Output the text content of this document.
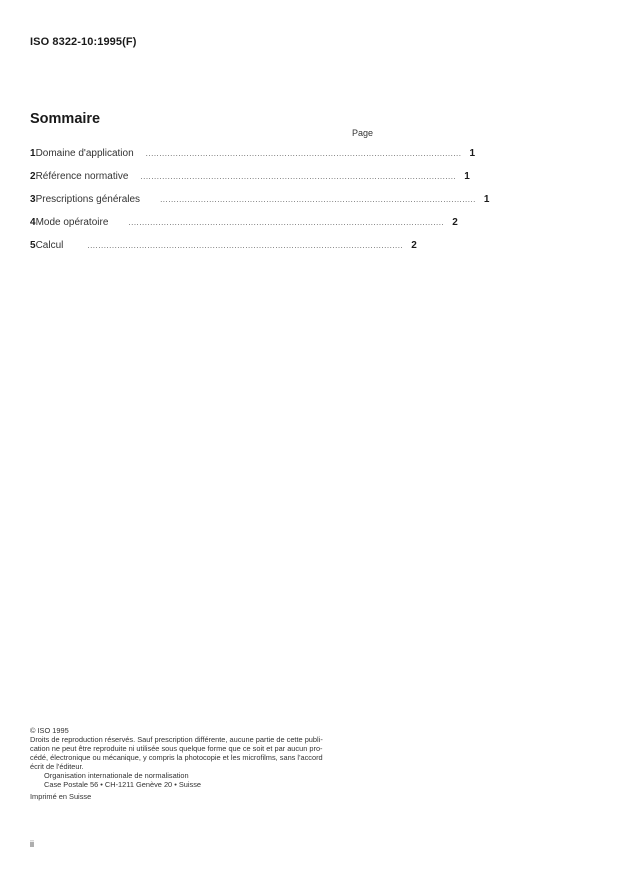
ISO 8322-10:1995(F)
Sommaire
Page
1 Domaine d'application .................................................................................................................... 1
2 Référence normative .................................................................................................................... 1
3 Prescriptions générales	.................................................................................................................... 1
4 Mode opératoire	.................................................................................................................... 2
5 Calcul	.................................................................................................................... 2

© ISO 1995

Droits de reproduction réservés. Sauf prescription différente, aucune partie de cette publi-

cation ne peut être reproduite ni utilisée sous quelque forme que ce soit et par aucun pro-

cédé, électronique ou mécanique, y compris la photocopie et les microfilms, sans l'accord

écrit de l'éditeur.

Organisation internationale de normalisation

Case Postale 56 • CH-1211 Genève 20 • Suisse

Imprimé en Suisse

ii
